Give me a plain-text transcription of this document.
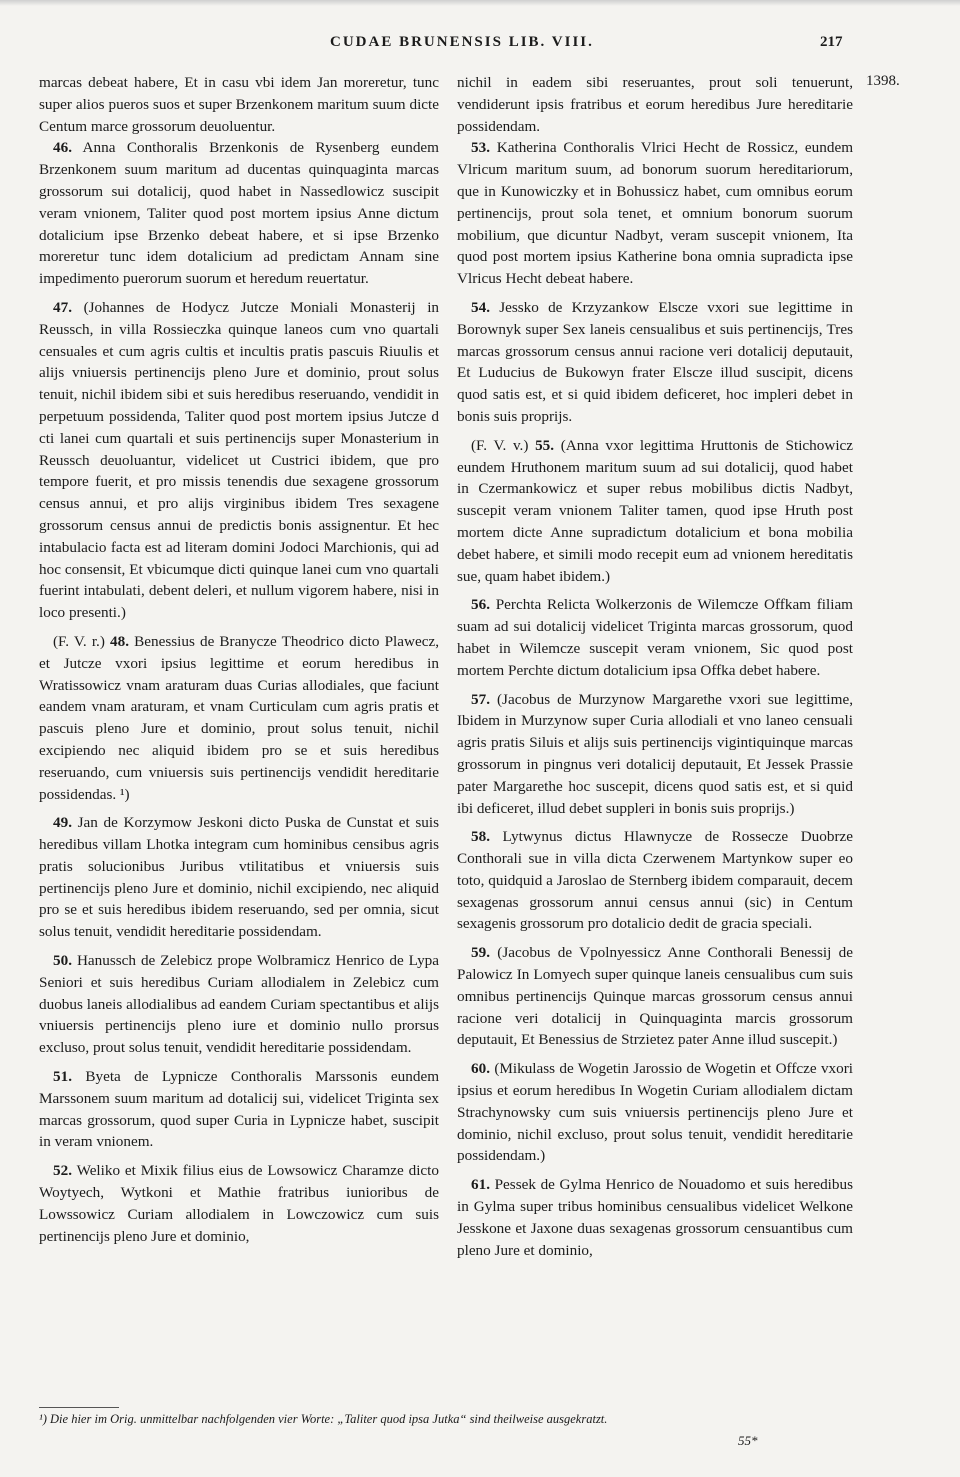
CUDAE BRUNENSIS LIB. VIII.	217
1398.

marcas debeat habere, Et in casu vbi idem Jan moreretur, tunc super alios pueros suos et super Brzenkonem maritum suum dicte Centum marce grossorum deuoluentur.

46. Anna Conthoralis Brzenkonis de Rysenberg eundem Brzenkonem suum maritum ad ducentas quinquaginta marcas grossorum sui dotalicij, quod habet in Nassedlowicz suscipit veram vnionem, Taliter quod post mortem ipsius Anne dictum dotalicium ipse Brzenko debeat habere, et si ipse Brzenko moreretur tunc idem dotalicium ad predictam Annam sine impedimento puerorum suorum et heredum reuertatur.

47. (Johannes de Hodycz Jutcze Moniali Monasterij in Reussch, in villa Rossieczka quinque laneos cum vno quartali censuales et cum agris cultis et incultis pratis pascuis Riuulis et alijs vniuersis pertinencijs pleno Jure et dominio, prout solus tenuit, nichil ibidem sibi et suis heredibus reseruando, vendidit in perpetuum possidenda, Taliter quod post mortem ipsius Jutcze d cti lanei cum quartali et suis pertinencijs super Monasterium in Reussch deuoluantur, videlicet ut Custrici ibidem, que pro tempore fuerit, et pro missis tenendis due sexagene grossorum census annui, et pro alijs virginibus ibidem Tres sexagene grossorum census annui de predictis bonis assignentur. Et hec intabulacio facta est ad literam domini Jodoci Marchionis, qui ad hoc consensit, Et vbicumque dicti quinque lanei cum vno quartali fuerint intabulati, debent deleri, et nullum vigorem habere, nisi in loco presenti.)

(F. V. r.) 48. Benessius de Branycze Theodrico dicto Plawecz, et Jutcze vxori ipsius legittime et eorum heredibus in Wratissowicz vnam araturam duas Curias allodiales, que faciunt eandem vnam araturam, et vnam Curticulam cum agris pratis et pascuis pleno Jure et dominio, prout solus tenuit, nichil excipiendo nec aliquid ibidem pro se et suis heredibus reseruando, cum vniuersis suis pertinencijs vendidit hereditarie possidendas. ¹)

49. Jan de Korzymow Jeskoni dicto Puska de Cunstat et suis heredibus villam Lhotka integram cum hominibus censibus agris pratis solucionibus Juribus vtilitatibus et vniuersis suis pertinencijs pleno Jure et dominio, nichil excipiendo, nec aliquid pro se et suis heredibus ibidem reseruando, sed per omnia, sicut solus tenuit, vendidit hereditarie possidendam.

50. Hanussch de Zelebicz prope Wolbramicz Henrico de Lypa Seniori et suis heredibus Curiam allodialem in Zelebicz cum duobus laneis allodialibus ad eandem Curiam spectantibus et alijs vniuersis pertinencijs pleno iure et dominio nullo prorsus excluso, prout solus tenuit, vendidit hereditarie possidendam.

51. Byeta de Lypnicze Conthoralis Marssonis eundem Marssonem suum maritum ad dotalicij sui, videlicet Triginta sex marcas grossorum, quod super Curia in Lypnicze habet, suscipit in veram vnionem.

52. Weliko et Mixik filius eius de Lowsowicz Charamze dicto Woytyech, Wytkoni et Mathie fratribus iunioribus de Lowssowicz Curiam allodialem in Lowczowicz cum suis pertinencijs pleno Jure et dominio,

nichil in eadem sibi reseruantes, prout soli tenuerunt, vendiderunt ipsis fratribus et eorum heredibus Jure hereditarie possidendam.

53. Katherina Conthoralis Vlrici Hecht de Rossicz, eundem Vlricum maritum suum, ad bonorum suorum hereditariorum, que in Kunowiczky et in Bohussicz habet, cum omnibus eorum pertinencijs, prout sola tenet, et omnium bonorum suorum mobilium, que dicuntur Nadbyt, veram suscepit vnionem, Ita quod post mortem ipsius Katherine bona omnia supradicta ipse Vlricus Hecht debeat habere.

54. Jessko de Krzyzankow Elscze vxori sue legittime in Borownyk super Sex laneis censualibus et suis pertinencijs, Tres marcas grossorum census annui racione veri dotalicij deputauit, Et Luducius de Bukowyn frater Elscze illud suscipit, dicens quod satis est, et si quid ibidem deficeret, hoc impleri debet in bonis suis proprijs.

(F. V. v.) 55. (Anna vxor legittima Hruttonis de Stichowicz eundem Hruthonem maritum suum ad sui dotalicij, quod habet in Czermankowicz et super rebus mobilibus dictis Nadbyt, suscepit veram vnionem Taliter tamen, quod ipse Hruth post mortem dicte Anne supradictum dotalicium et bona mobilia debet habere, et simili modo recepit eum ad vnionem hereditatis sue, quam habet ibidem.)

56. Perchta Relicta Wolkerzonis de Wilemcze Offkam filiam suam ad sui dotalicij videlicet Triginta marcas grossorum, quod habet in Wilemcze suscepit veram vnionem, Sic quod post mortem Perchte dictum dotalicium ipsa Offka debet habere.

57. (Jacobus de Murzynow Margarethe vxori sue legittime, Ibidem in Murzynow super Curia allodiali et vno laneo censuali agris pratis Siluis et alijs suis pertinencijs vigintiquinque marcas grossorum in pingnus veri dotalicij deputauit, Et Jessek Prassie pater Margarethe hoc suscepit, dicens quod satis est, et si quid ibi deficeret, illud debet suppleri in bonis suis proprijs.)

58. Lytwynus dictus Hlawnycze de Rossecze Duobrze Conthorali sue in villa dicta Czerwenem Martynkow super eo toto, quidquid a Jaroslao de Sternberg ibidem comparauit, decem sexagenas grossorum annui census annui (sic) in Centum sexagenis grossorum pro dotalicio dedit de gracia speciali.

59. (Jacobus de Vpolnyessicz Anne Conthorali Benessij de Palowicz In Lomyech super quinque laneis censualibus cum suis omnibus pertinencijs Quinque marcas grossorum census annui racione veri dotalicij in Quinquaginta marcis grossorum deputauit, Et Benessius de Strzietez pater Anne illud suscepit.)

60. (Mikulass de Wogetin Jarossio de Wogetin et Offcze vxori ipsius et eorum heredibus In Wogetin Curiam allodialem dictam Strachynowsky cum suis vniuersis pertinencijs pleno Jure et dominio, nichil excluso, prout solus tenuit, vendidit hereditarie possidendam.)

61. Pessek de Gylma Henrico de Nouadomo et suis heredibus in Gylma super tribus hominibus censualibus videlicet Welkone Jesskone et Jaxone duas sexagenas grossorum censuantibus cum pleno Jure et dominio,

¹) Die hier im Orig. unmittelbar nachfolgenden vier Worte: „Taliter quod ipsa Jutka“ sind theilweise ausgekratzt.
55*
